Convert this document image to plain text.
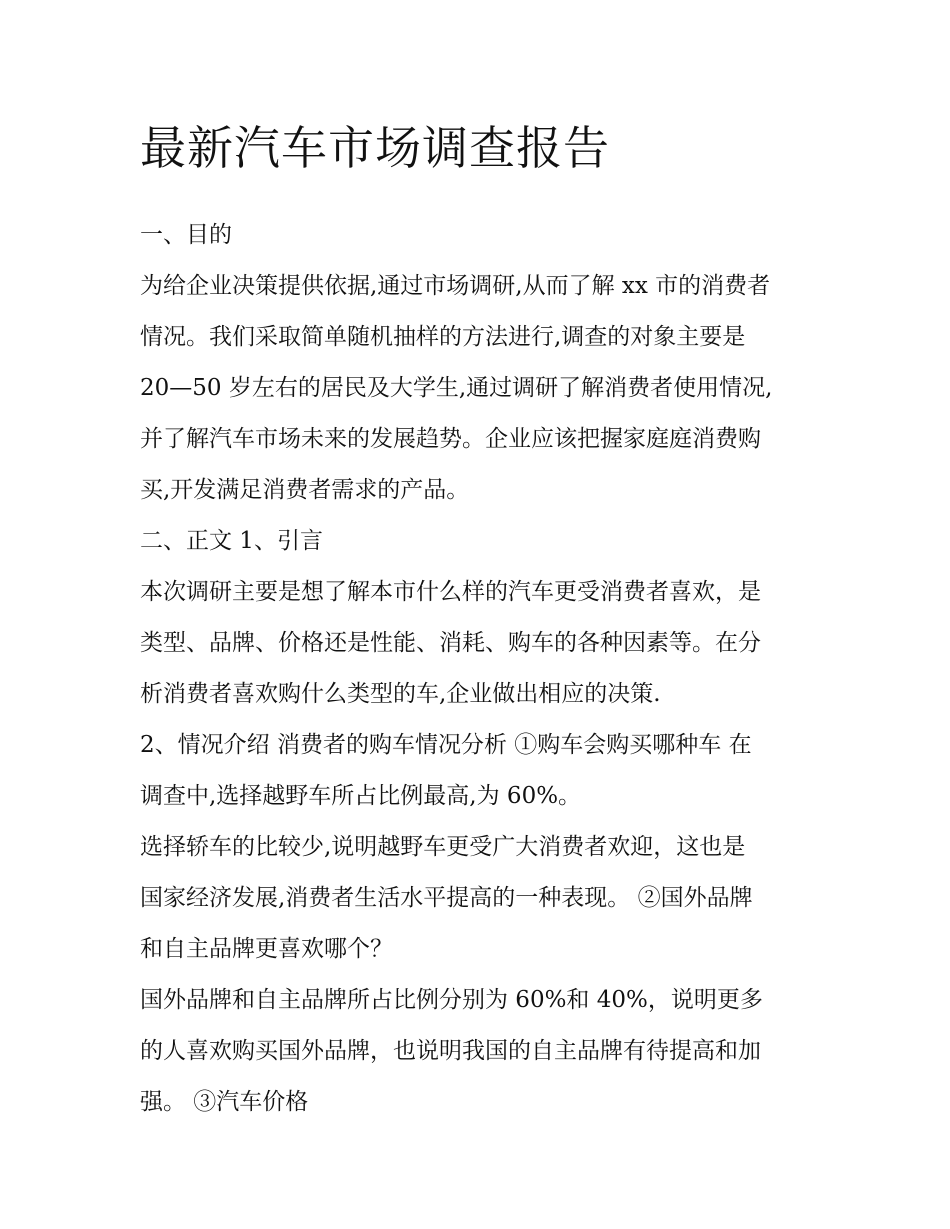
最新汽车市场调查报告
一、目的

为给企业决策提供依据,通过市场调研,从而了解 xx 市的消费者
情况。我们采取简单随机抽样的方法进行,调查的对象主要是
20—50 岁左右的居民及大学生,通过调研了解消费者使用情况,
并了解汽车市场未来的发展趋势。企业应该把握家庭庭消费购
买,开发满足消费者需求的产品。

二、正文 1、引言

本次调研主要是想了解本市什么样的汽车更受消费者喜欢，是
类型、品牌、价格还是性能、消耗、购车的各种因素等。在分
析消费者喜欢购什么类型的车,企业做出相应的决策.

2、情况介绍 消费者的购车情况分析 ①购车会购买哪种车 在
调查中,选择越野车所占比例最高,为 60%。

选择轿车的比较少,说明越野车更受广大消费者欢迎，这也是
国家经济发展,消费者生活水平提高的一种表现。 ②国外品牌
和自主品牌更喜欢哪个？

国外品牌和自主品牌所占比例分别为 60%和 40%，说明更多
的人喜欢购买国外品牌，也说明我国的自主品牌有待提高和加
强。 ③汽车价格
